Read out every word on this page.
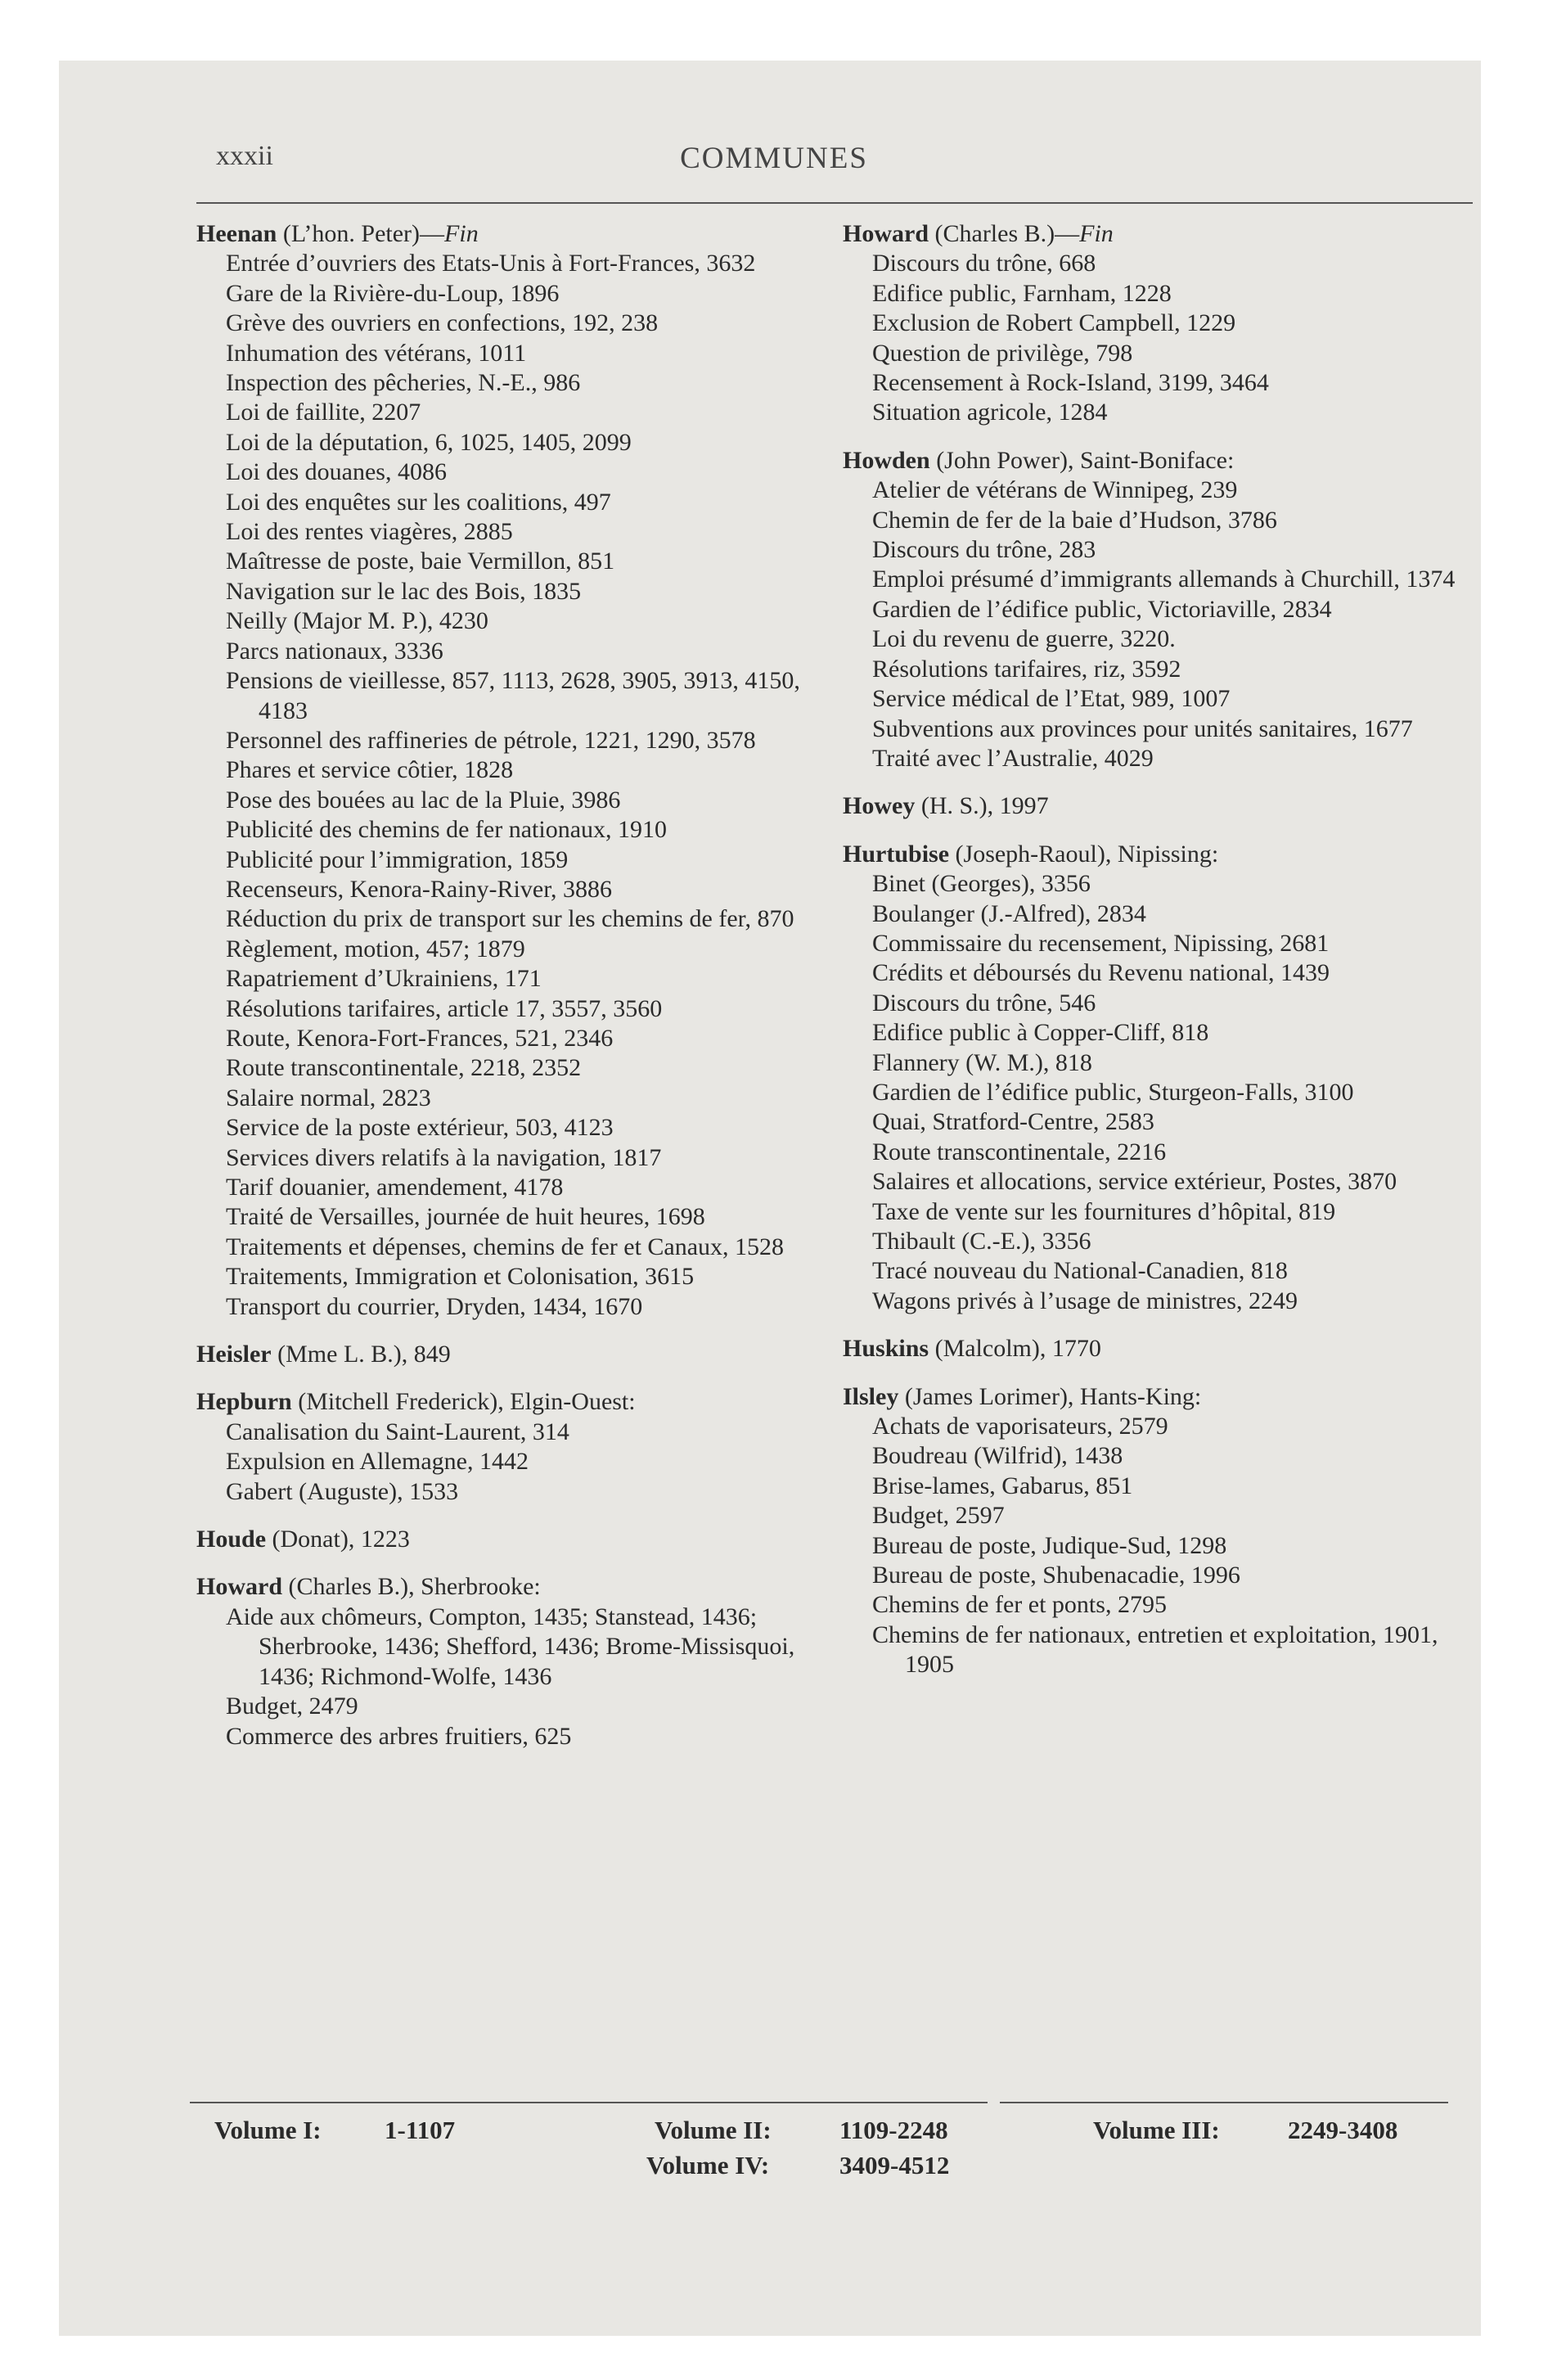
xxxii	COMMUNES
Heenan (L’hon. Peter)—Fin
Entrée d’ouvriers des Etats-Unis à Fort-Frances, 3632
Gare de la Rivière-du-Loup, 1896
Grève des ouvriers en confections, 192, 238
Inhumation des vétérans, 1011
Inspection des pêcheries, N.-E., 986
Loi de faillite, 2207
Loi de la députation, 6, 1025, 1405, 2099
Loi des douanes, 4086
Loi des enquêtes sur les coalitions, 497
Loi des rentes viagères, 2885
Maîtresse de poste, baie Vermillon, 851
Navigation sur le lac des Bois, 1835
Neilly (Major M. P.), 4230
Parcs nationaux, 3336
Pensions de vieillesse, 857, 1113, 2628, 3905, 3913, 4150, 4183
Personnel des raffineries de pétrole, 1221, 1290, 3578
Phares et service côtier, 1828
Pose des bouées au lac de la Pluie, 3986
Publicité des chemins de fer nationaux, 1910
Publicité pour l’immigration, 1859
Recenseurs, Kenora-Rainy-River, 3886
Réduction du prix de transport sur les chemins de fer, 870
Règlement, motion, 457; 1879
Rapatriement d’Ukrainiens, 171
Résolutions tarifaires, article 17, 3557, 3560
Route, Kenora-Fort-Frances, 521, 2346
Route transcontinentale, 2218, 2352
Salaire normal, 2823
Service de la poste extérieur, 503, 4123
Services divers relatifs à la navigation, 1817
Tarif douanier, amendement, 4178
Traité de Versailles, journée de huit heures, 1698
Traitements et dépenses, chemins de fer et Canaux, 1528
Traitements, Immigration et Colonisation, 3615
Transport du courrier, Dryden, 1434, 1670
Heisler (Mme L. B.), 849
Hepburn (Mitchell Frederick), Elgin-Ouest:
Canalisation du Saint-Laurent, 314
Expulsion en Allemagne, 1442
Gabert (Auguste), 1533
Houde (Donat), 1223
Howard (Charles B.), Sherbrooke:
Aide aux chômeurs, Compton, 1435; Stanstead, 1436; Sherbrooke, 1436; Shefford, 1436; Brome-Missisquoi, 1436; Richmond-Wolfe, 1436
Budget, 2479
Commerce des arbres fruitiers, 625
Howard (Charles B.)—Fin
Discours du trône, 668
Edifice public, Farnham, 1228
Exclusion de Robert Campbell, 1229
Question de privilège, 798
Recensement à Rock-Island, 3199, 3464
Situation agricole, 1284
Howden (John Power), Saint-Boniface:
Atelier de vétérans de Winnipeg, 239
Chemin de fer de la baie d’Hudson, 3786
Discours du trône, 283
Emploi présumé d’immigrants allemands à Churchill, 1374
Gardien de l’édifice public, Victoriaville, 2834
Loi du revenu de guerre, 3220.
Résolutions tarifaires, riz, 3592
Service médical de l’Etat, 989, 1007
Subventions aux provinces pour unités sanitaires, 1677
Traité avec l’Australie, 4029
Howey (H. S.), 1997
Hurtubise (Joseph-Raoul), Nipissing:
Binet (Georges), 3356
Boulanger (J.-Alfred), 2834
Commissaire du recensement, Nipissing, 2681
Crédits et déboursés du Revenu national, 1439
Discours du trône, 546
Edifice public à Copper-Cliff, 818
Flannery (W. M.), 818
Gardien de l’édifice public, Sturgeon-Falls, 3100
Quai, Stratford-Centre, 2583
Route transcontinentale, 2216
Salaires et allocations, service extérieur, Postes, 3870
Taxe de vente sur les fournitures d’hôpital, 819
Thibault (C.-E.), 3356
Tracé nouveau du National-Canadien, 818
Wagons privés à l’usage de ministres, 2249
Huskins (Malcolm), 1770
Ilsley (James Lorimer), Hants-King:
Achats de vaporisateurs, 2579
Boudreau (Wilfrid), 1438
Brise-lames, Gabarus, 851
Budget, 2597
Bureau de poste, Judique-Sud, 1298
Bureau de poste, Shubenacadie, 1996
Chemins de fer et ponts, 2795
Chemins de fer nationaux, entretien et exploitation, 1901, 1905
Volume I: 1-1107	Volume II:	1109-2248	Volume III:	2249-3408
Volume IV:	3409-4512
